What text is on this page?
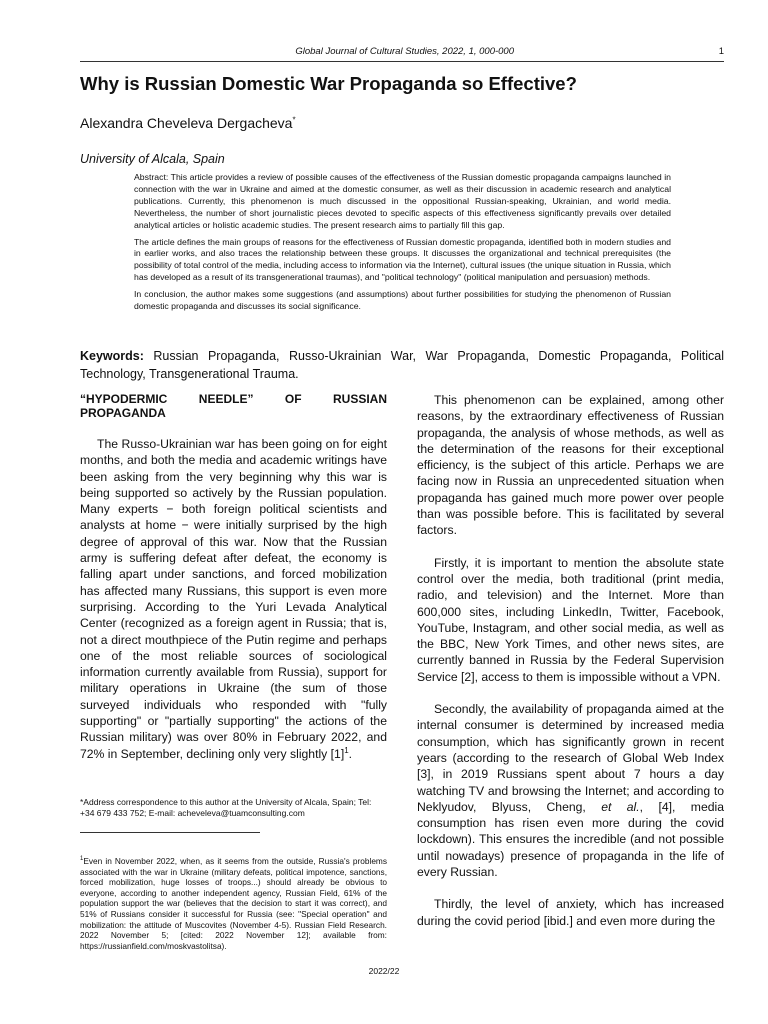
Global Journal of Cultural Studies, 2022, 1, 000-000	1
Why is Russian Domestic War Propaganda so Effective?
Alexandra Cheveleva Dergacheva*
University of Alcala, Spain

Abstract: This article provides a review of possible causes of the effectiveness of the Russian domestic propaganda campaigns launched in connection with the war in Ukraine and aimed at the domestic consumer, as well as their discussion in academic research and analytical publications. Currently, this phenomenon is much discussed in the oppositional Russian-speaking, Ukrainian, and world media. Nevertheless, the number of short journalistic pieces devoted to specific aspects of this effectiveness significantly prevails over detailed analytical articles or holistic academic studies. The present research aims to partially fill this gap.

The article defines the main groups of reasons for the effectiveness of Russian domestic propaganda, identified both in modern studies and in earlier works, and also traces the relationship between these groups. It discusses the organizational and technical prerequisites (the possibility of total control of the media, including access to information via the Internet), cultural issues (the unique situation in Russia, which has developed as a result of its transgenerational traumas), and "political technology" (political manipulation and persuasion) methods.

In conclusion, the author makes some suggestions (and assumptions) about further possibilities for studying the phenomenon of Russian domestic propaganda and discusses its social significance.

Keywords: Russian Propaganda, Russo-Ukrainian War, War Propaganda, Domestic Propaganda, Political Technology, Transgenerational Trauma.
“HYPODERMIC NEEDLE” OF RUSSIAN
PROPAGANDA

The Russo-Ukrainian war has been going on for eight months, and both the media and academic writings have been asking from the very beginning why this war is being supported so actively by the Russian population. Many experts − both foreign political scientists and analysts at home − were initially surprised by the high degree of approval of this war. Now that the Russian army is suffering defeat after defeat, the economy is falling apart under sanctions, and forced mobilization has affected many Russians, this support is even more surprising. According to the Yuri Levada Analytical Center (recognized as a foreign agent in Russia; that is, not a direct mouthpiece of the Putin regime and perhaps one of the most reliable sources of sociological information currently available from Russia), support for military operations in Ukraine (the sum of those surveyed individuals who responded with "fully supporting" or "partially supporting" the actions of the Russian military) was over 80% in February 2022, and 72% in September, declining only very slightly $[1]^1$.

*Address correspondence to this author at the University of Alcala, Spain; Tel: +34 679 433 752; E-mail: acheveleva@tuamconsulting.com
$^1$Even in November 2022, when, as it seems from the outside, Russia's problems associated with the war in Ukraine (military defeats, political impotence, sanctions, forced mobilization, huge losses of troops...) should already be obvious to everyone, according to another independent agency, Russian Field, 61% of the population support the war (believes that the decision to start it was correct), and 51% of Russians consider it successful for Russia (see: "Special operation" and mobilization: the attitude of Muscovites (November 4-5). Russian Field Research. 2022 November 5; [cited: 2022 November 12]; available from: https://russianfield.com/moskvastolitsa).

This phenomenon can be explained, among other reasons, by the extraordinary effectiveness of Russian propaganda, the analysis of whose methods, as well as the determination of the reasons for their exceptional efficiency, is the subject of this article. Perhaps we are facing now in Russia an unprecedented situation when propaganda has gained much more power over people than was possible before. This is facilitated by several factors.

Firstly, it is important to mention the absolute state control over the media, both traditional (print media, radio, and television) and the Internet. More than 600,000 sites, including LinkedIn, Twitter, Facebook, YouTube, Instagram, and other social media, as well as the BBC, New York Times, and other news sites, are currently banned in Russia by the Federal Supervision Service [2], access to them is impossible without a VPN.

Secondly, the availability of propaganda aimed at the internal consumer is determined by increased media consumption, which has significantly grown in recent years (according to the research of Global Web Index [3], in 2019 Russians spent about 7 hours a day watching TV and browsing the Internet; and according to Neklyudov, Blyuss, Cheng, et al., [4], media consumption has risen even more during the covid lockdown). This ensures the incredible (and not possible until nowadays) presence of propaganda in the life of every Russian.

Thirdly, the level of anxiety, which has increased during the covid period [ibid.] and even more during the

2022/22
